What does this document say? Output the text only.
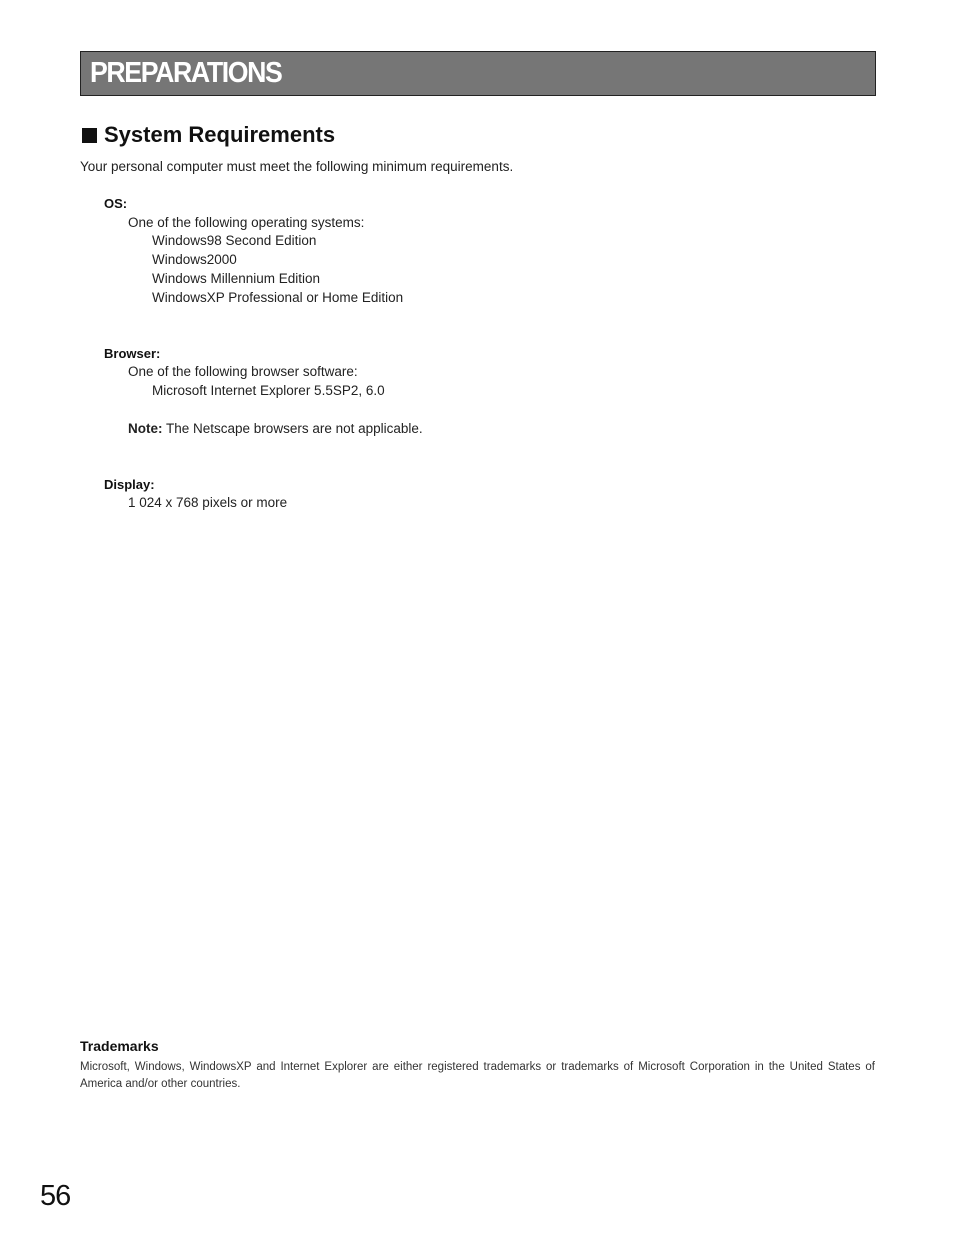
PREPARATIONS
System Requirements
Your personal computer must meet the following minimum requirements.
OS:
One of the following operating systems:
Windows98 Second Edition
Windows2000
Windows Millennium Edition
WindowsXP Professional or Home Edition
Browser:
One of the following browser software:
Microsoft Internet Explorer 5.5SP2, 6.0
Note: The Netscape browsers are not applicable.
Display:
1 024 x 768 pixels or more
Trademarks
Microsoft, Windows, WindowsXP and Internet Explorer are either registered trademarks or trademarks of Microsoft Corporation in the United States of America and/or other countries.
56
